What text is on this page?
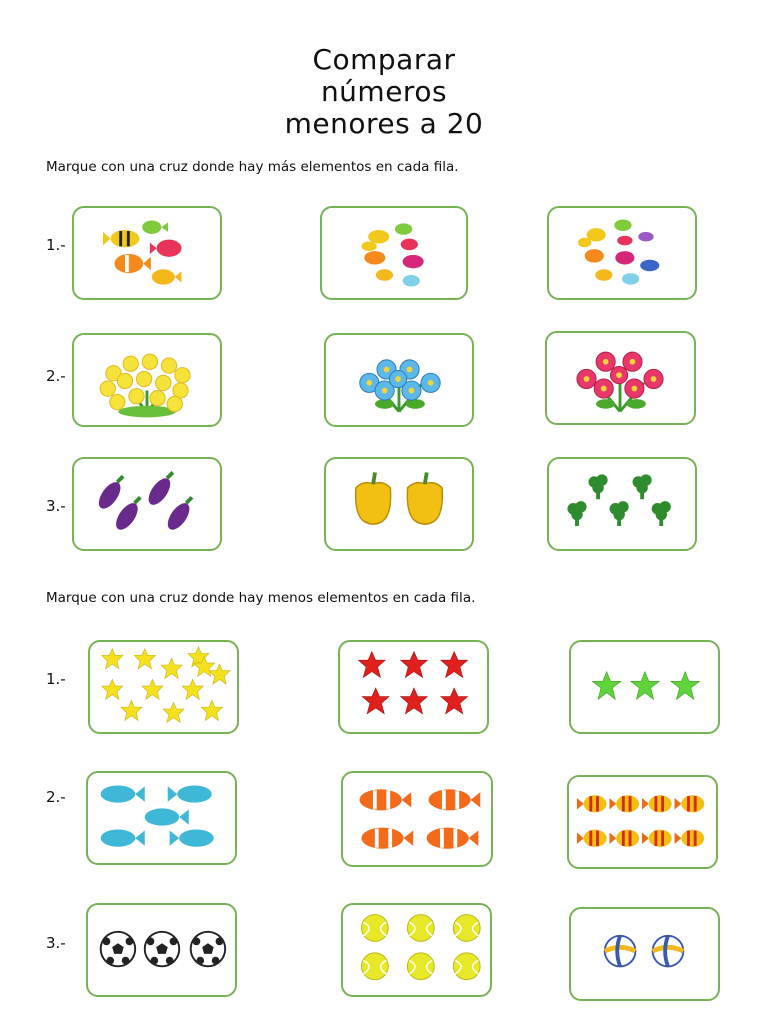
Comparar
números
menores a 20
Marque con una cruz donde hay más elementos en cada fila.
1.-
2.-
3.-
Marque con una cruz donde hay menos elementos en cada fila.
1.-
2.-
3.-
